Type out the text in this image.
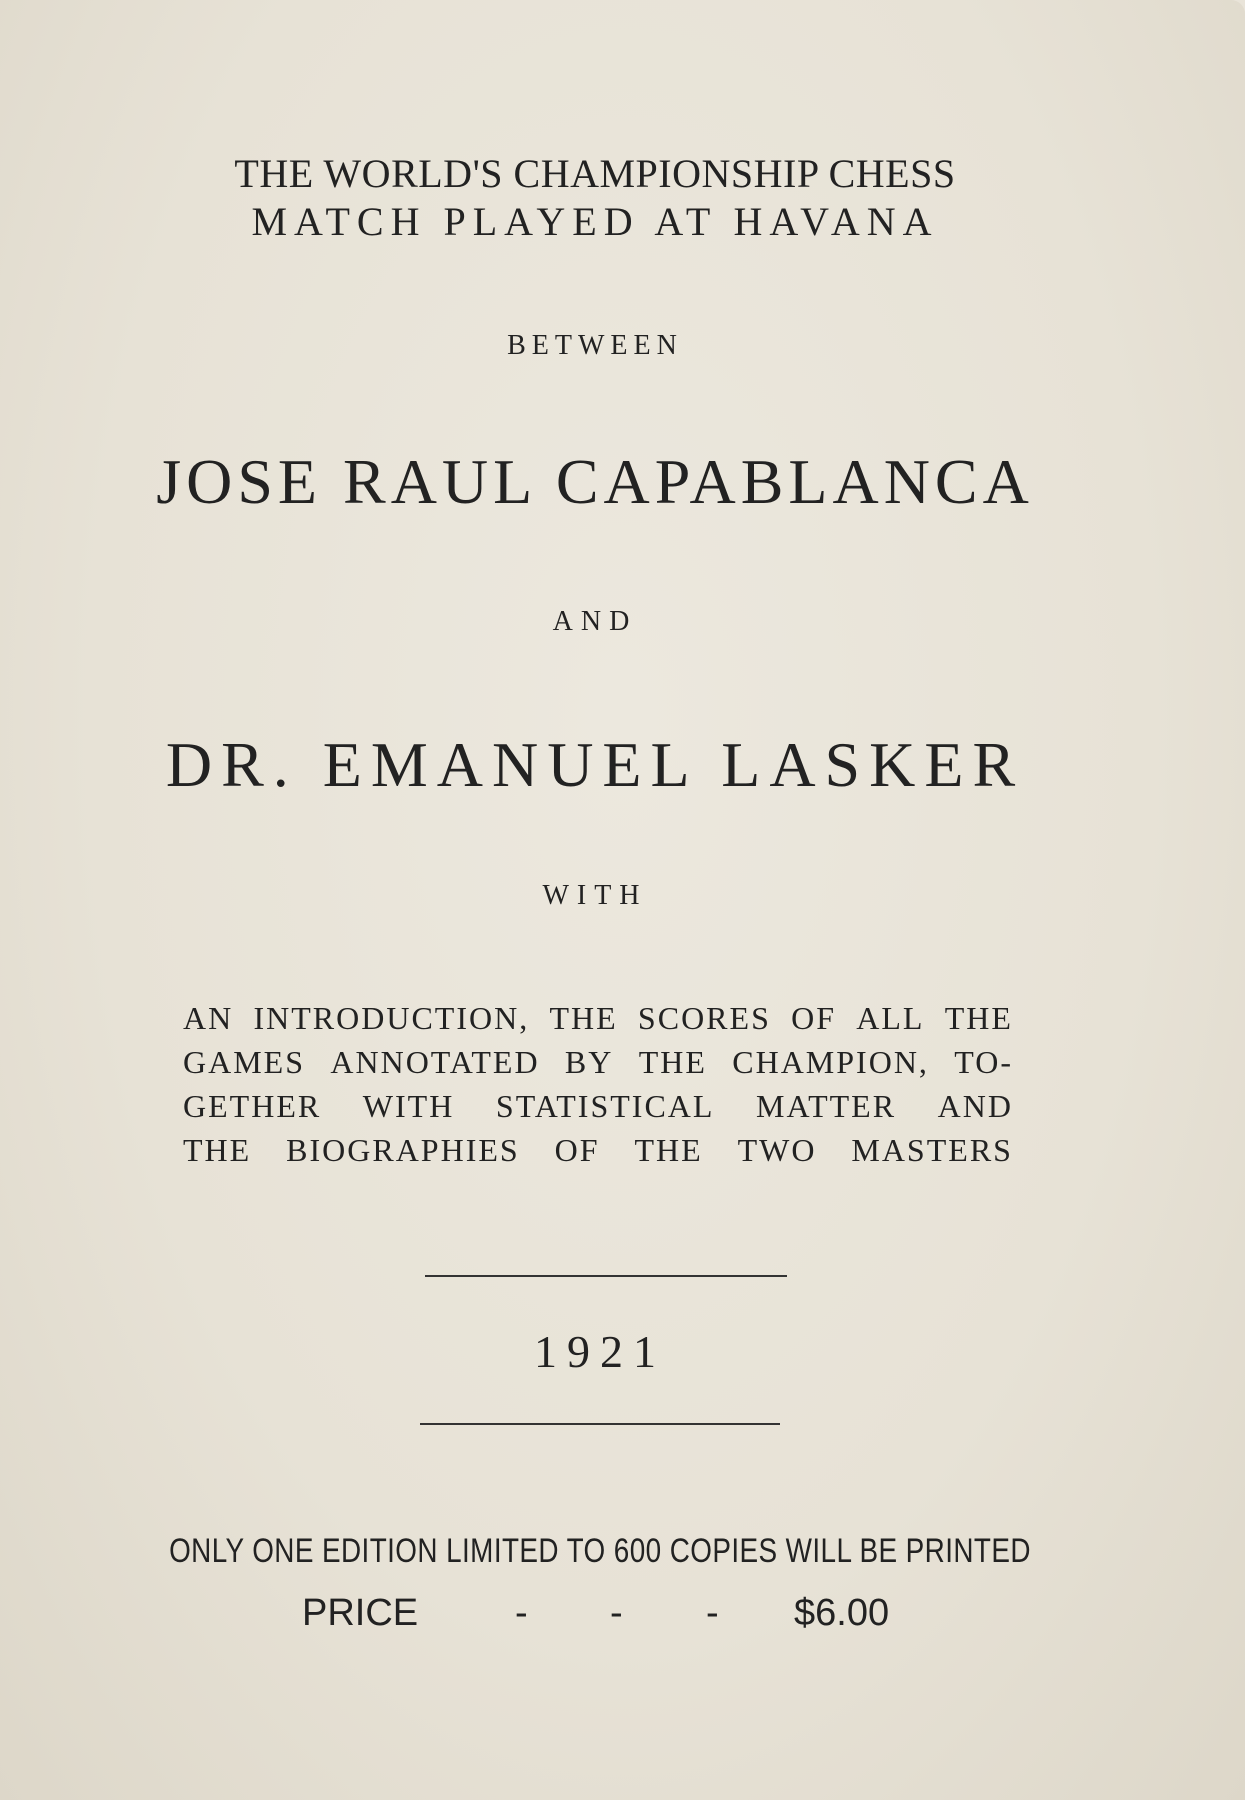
THE WORLD'S CHAMPIONSHIP CHESS

MATCH PLAYED AT HAVANA

BETWEEN

JOSE RAUL CAPABLANCA

AND

DR. EMANUEL LASKER

WITH

AN INTRODUCTION, THE SCORES OF ALL THE
GAMES ANNOTATED BY THE CHAMPION, TO-
GETHER WITH STATISTICAL MATTER AND
THE BIOGRAPHIES OF THE TWO MASTERS

1921

ONLY ONE EDITION LIMITED TO 600 COPIES WILL BE PRINTED

PRICE	- - - $6.00
